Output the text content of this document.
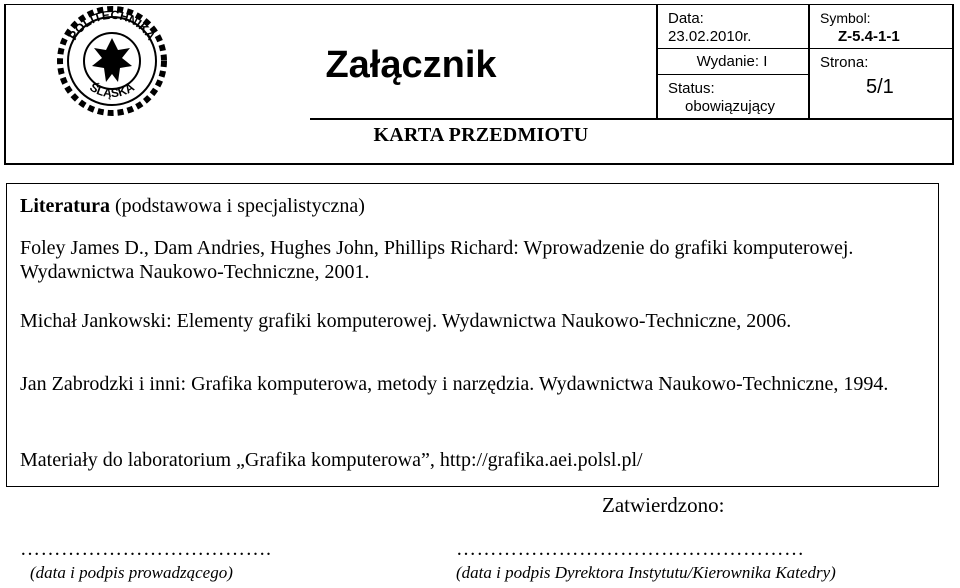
POLITECHNIKA
ŚLĄSKA
Załącznik
KARTA PRZEDMIOTU
Data:
23.02.2010r.
Wydanie: I
Status:
obowiązujący
Symbol:
Z-5.4-1-1
Strona:
5/1
Literatura (podstawowa i specjalistyczna)
Foley James D., Dam Andries, Hughes John, Phillips Richard: Wprowadzenie do grafiki komputerowej. Wydawnictwa Naukowo-Techniczne, 2001.
Michał Jankowski: Elementy grafiki komputerowej. Wydawnictwa Naukowo-Techniczne, 2006.
Jan Zabrodzki i inni: Grafika komputerowa, metody i narzędzia. Wydawnictwa Naukowo-Techniczne, 1994.
Materiały do laboratorium „Grafika komputerowa”, http://grafika.aei.polsl.pl/
Zatwierdzono:
……………………………….	……………………………………………
(data i podpis prowadzącego)	(data i podpis Dyrektora Instytutu/Kierownika Katedry)
